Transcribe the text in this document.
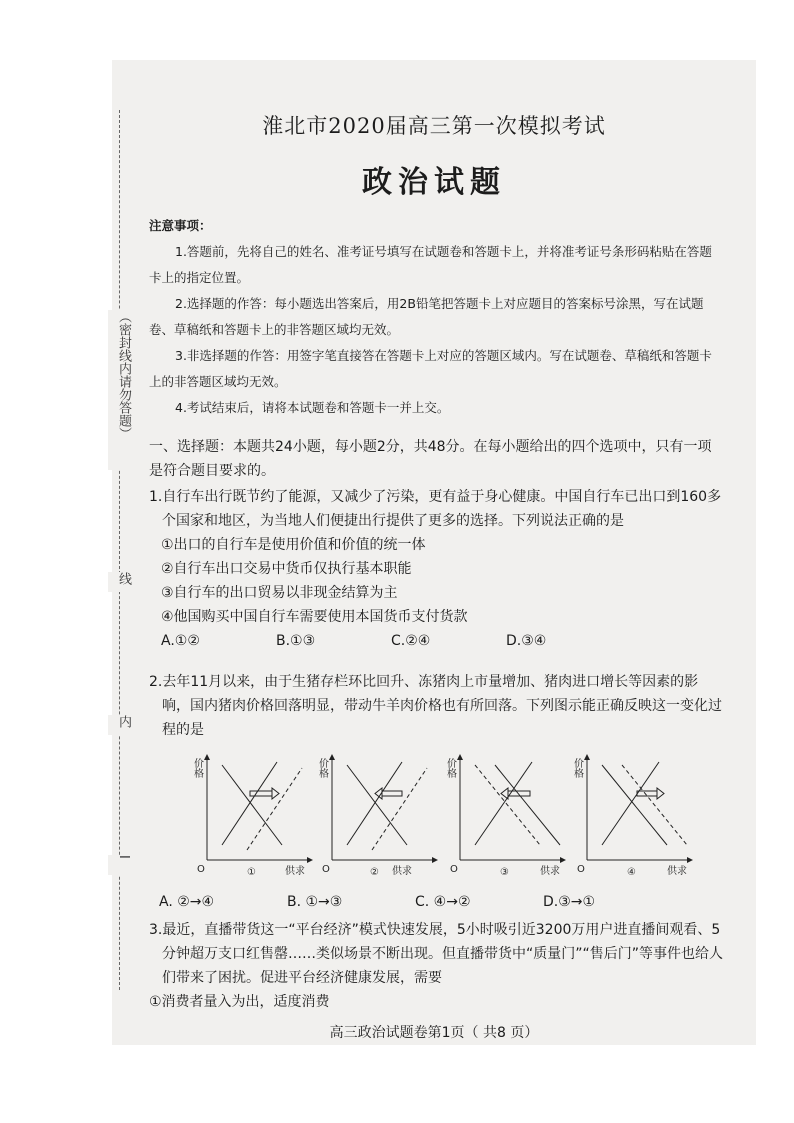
淮北市2020届高三第一次模拟考试
政治试题
注意事项：

1.答题前，先将自己的姓名、准考证号填写在试题卷和答题卡上，并将准考证号条形码粘贴在答题卡上的指定位置。

2.选择题的作答：每小题选出答案后，用2B铅笔把答题卡上对应题目的答案标号涂黑，写在试题卷、草稿纸和答题卡上的非答题区域均无效。

3.非选择题的作答：用签字笔直接答在答题卡上对应的答题区域内。写在试题卷、草稿纸和答题卡上的非答题区域均无效。

4.考试结束后，请将本试题卷和答题卡一并上交。

一、选择题：本题共24小题，每小题2分，共48分。在每小题给出的四个选项中，只有一项是符合题目要求的。
1.自行车出行既节约了能源，又减少了污染，更有益于身心健康。中国自行车已出口到160多个国家和地区，为当地人们便捷出行提供了更多的选择。下列说法正确的是
①出口的自行车是使用价值和价值的统一体
②自行车出口交易中货币仅执行基本职能
③自行车的出口贸易以非现金结算为主
④他国购买中国自行车需要使用本国货币支付货款
A.①②	B.①③	C.②④	D.③④
2.去年11月以来，由于生猪存栏环比回升、冻猪肉上市量增加、猪肉进口增长等因素的影响，国内猪肉价格回落明显，带动牛羊肉价格也有所回落。下列图示能正确反映这一变化过程的是
价格
供求
O	①
价格
供求
O	②
价格
供求
O	③
价格
供求
O	④
A. ②→④	B. ①→③	C. ④→②	D.③→①
3.最近，直播带货这一“平台经济”模式快速发展，5小时吸引近3200万用户进直播间观看、5分钟超万支口红售罄……类似场景不断出现。但直播带货中“质量门”“售后门”等事件也给人们带来了困扰。促进平台经济健康发展，需要
①消费者量入为出，适度消费
高三政治试题卷第1页（ 共8 页）
（密封线内请勿答题）
线
内
I
